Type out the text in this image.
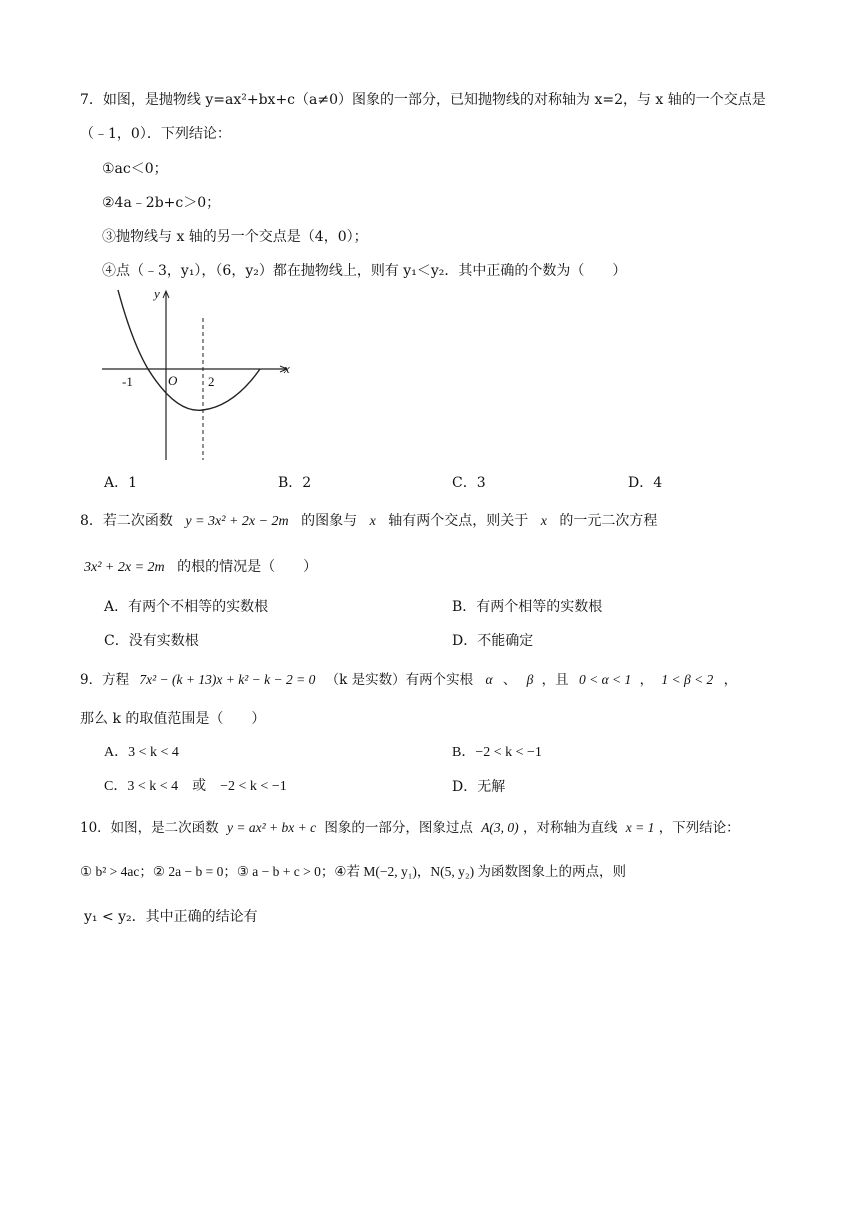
7．如图，是抛物线 y=ax²+bx+c（a≠0）图象的一部分，已知抛物线的对称轴为 x=2，与 x 轴的一个交点是
（﹣1，0）．下列结论：
①ac＜0；
②4a﹣2b+c＞0；
③抛物线与 x 轴的另一个交点是（4，0）；
④点（﹣3，y₁），（6，y₂）都在抛物线上，则有 y₁＜y₂．其中正确的个数为（　　）
y
x
O
-1	2
A．1	B．2	C．3	D．4
8．若二次函数 y = 3x² + 2x − 2m 的图象与 x 轴有两个交点，则关于 x 的一元二次方程
3x² + 2x = 2m 的根的情况是（　　）
A．有两个不相等的实数根	B．有两个相等的实数根
C．没有实数根	D．不能确定
9．方程 7x² − (k + 13)x + k² − k − 2 = 0 （k 是实数）有两个实根 α 、 β ，且 0 < α < 1 ， 1 < β < 2 ，
那么 k 的取值范围是（　　）
A．3 < k < 4	B．−2 < k < −1
C．3 < k < 4　或　−2 < k < −1	D．无解
10．如图，是二次函数 y = ax² + bx + c 图象的一部分，图象过点 A(3, 0) ，对称轴为直线 x = 1 ，下列结论：
① b² > 4ac；② 2a − b = 0；③ a − b + c > 0；④若 M(−2, y₁)，N(5, y₂) 为函数图象上的两点，则
y₁ < y₂．其中正确的结论有
